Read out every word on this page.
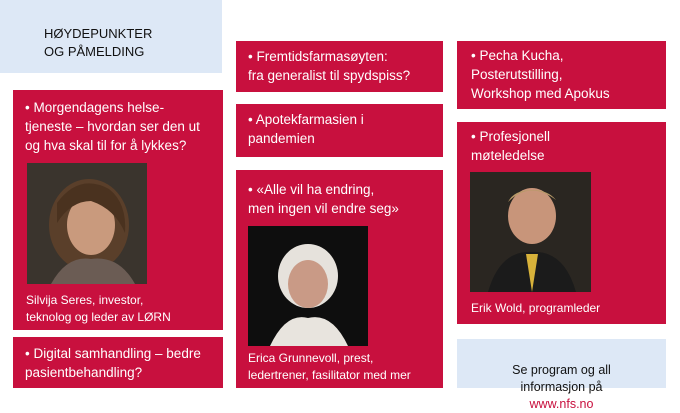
HØYDEPUNKTER
OG PÅMELDING
• Morgendagens helse-
tjeneste – hvordan ser den ut
og hva skal til for å lykkes?
Silvija Seres, investor,
teknolog og leder av LØRN
• Digital samhandling – bedre
pasientbehandling?
• Fremtidsfarmasøyten:
fra generalist til spydspiss?
• Apotekfarmasien i
pandemien
• «Alle vil ha endring,
men ingen vil endre seg»
Erica Grunnevoll, prest,
ledertrener, fasilitator med mer
• Pecha Kucha,
Posterutstilling,
Workshop med Apokus
• Profesjonell
møteledelse
Erik Wold, programleder

Se program og all
informasjon på
www.nfs.no
